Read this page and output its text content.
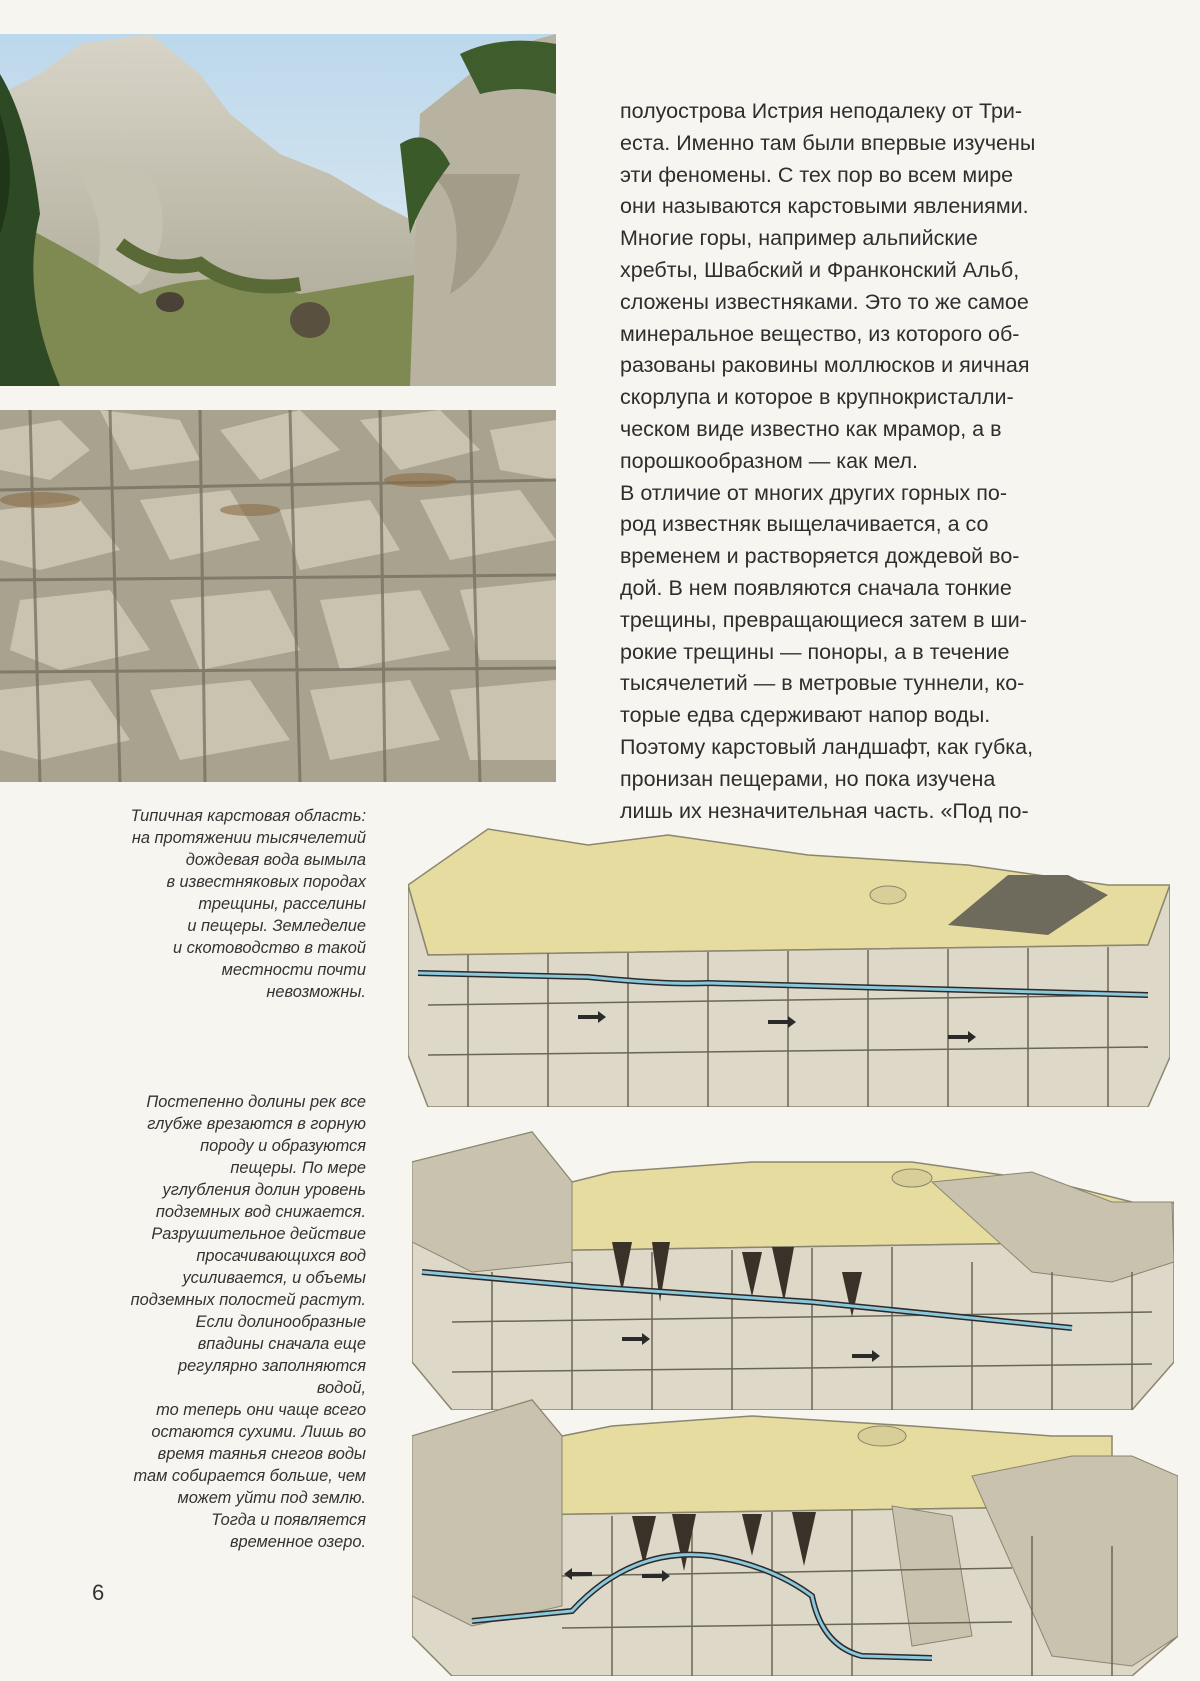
полуострова Истрия неподалеку от Три-

еста. Именно там были впервые изучены

эти феномены. С тех пор во всем мире

они называются карстовыми явлениями.

Многие горы, например альпийские

хребты, Швабский и Франконский Альб,

сложены известняками. Это то же самое

минеральное вещество, из которого об-

разованы раковины моллюсков и яичная

скорлупа и которое в крупнокристалли-

ческом виде известно как мрамор, а в

порошкообразном — как мел.

В отличие от многих других горных по-

род известняк выщелачивается, а со

временем и растворяется дождевой во-

дой. В нем появляются сначала тонкие

трещины, превращающиеся затем в ши-

рокие трещины — поноры, а в течение

тысячелетий — в метровые туннели, ко-

торые едва сдерживают напор воды.

Поэтому карстовый ландшафт, как губка,

пронизан пещерами, но пока изучена

лишь их незначительная часть. «Под по-

Типичная карстовая область:
на протяжении тысячелетий
дождевая вода вымыла
в известняковых породах
трещины, расселины
и пещеры. Земледелие
и скотоводство в такой
местности почти
невозможны.
Постепенно долины рек все
глубже врезаются в горную
породу и образуются
пещеры. По мере
углубления долин уровень
подземных вод снижается.
Разрушительное действие
просачивающихся вод
усиливается, и объемы
подземных полостей растут.
Если долинообразные
впадины сначала еще
регулярно заполняются
водой,
то теперь они чаще всего
остаются сухими. Лишь во
время таянья снегов воды
там собирается больше, чем
может уйти под землю.
Тогда и появляется
временное озеро.
6
